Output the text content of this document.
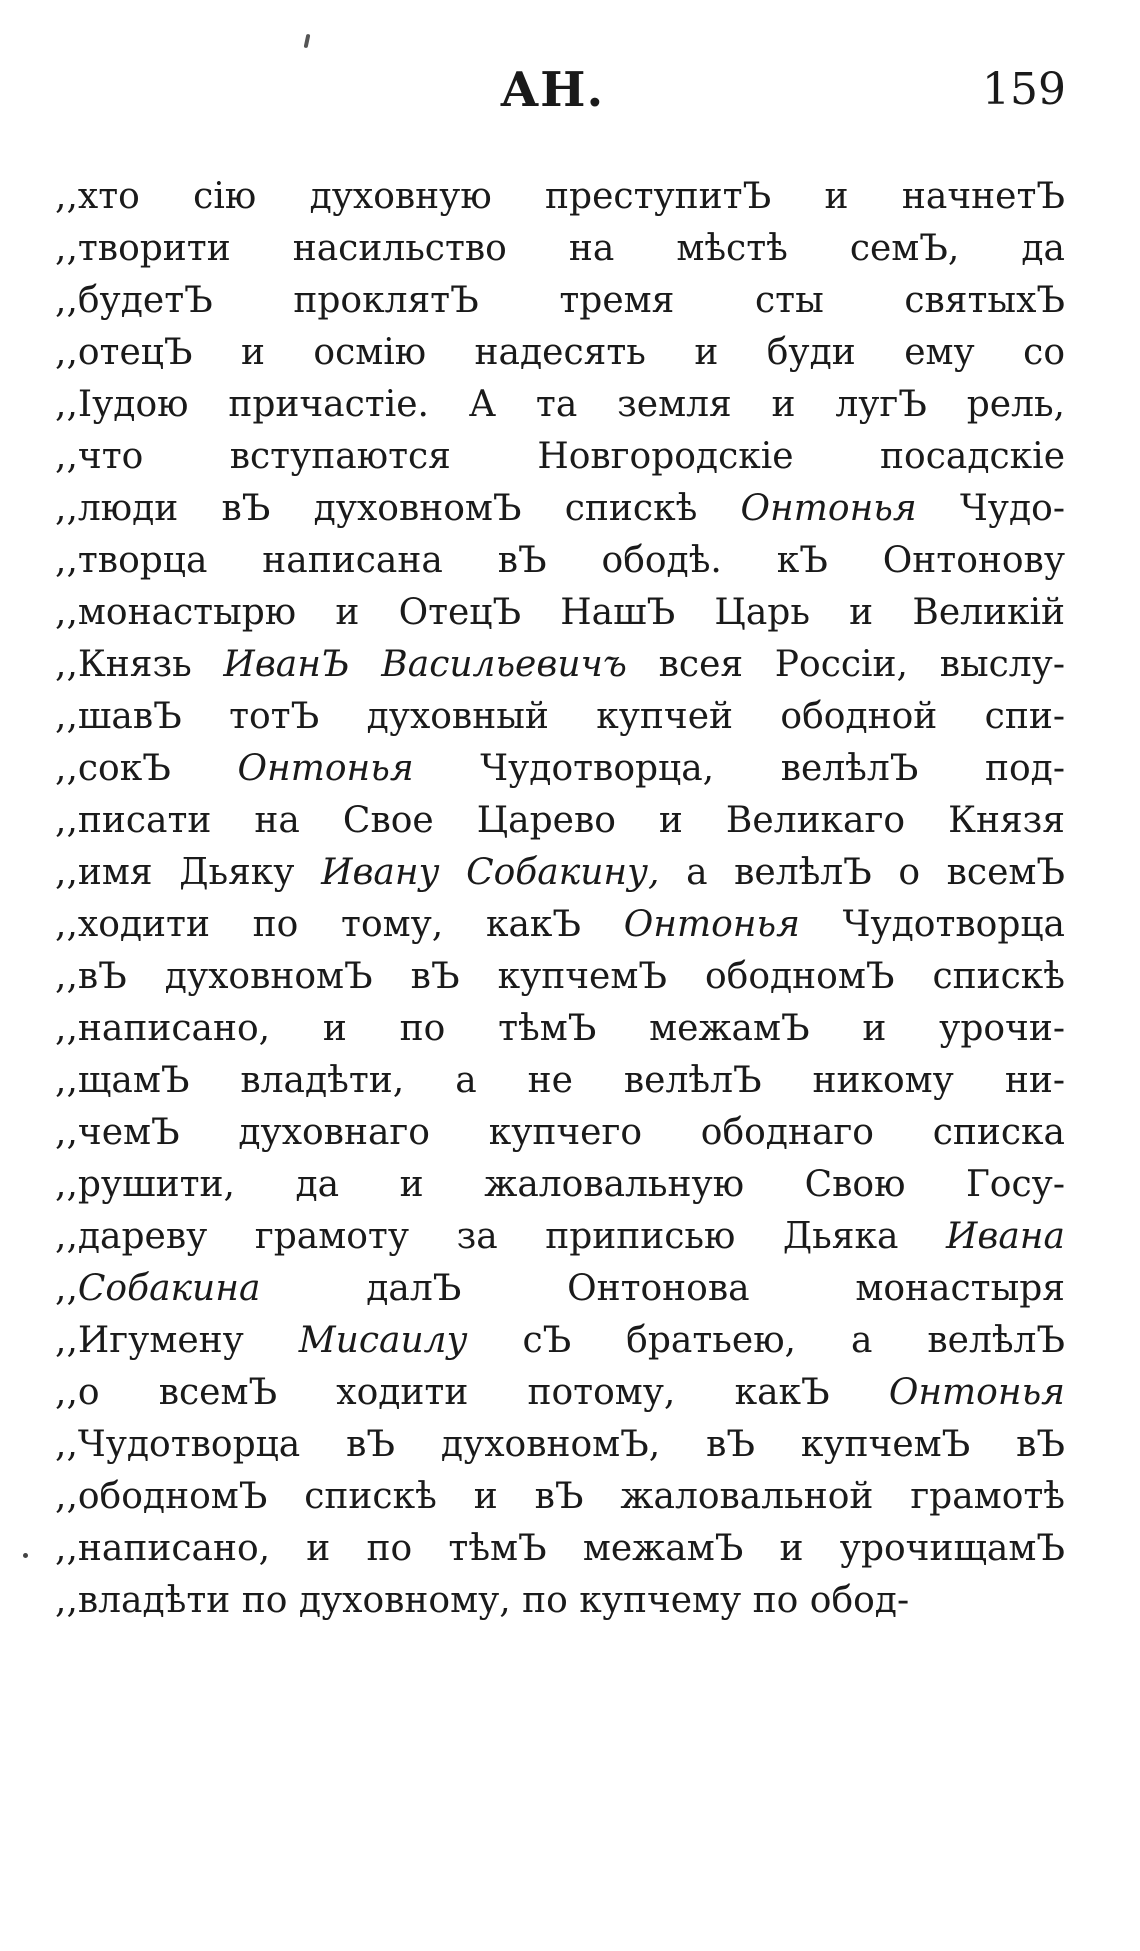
АН.	159
,,хто сію духовную преступитЪ и начнетЪ
,,творити насильство на мѣстѣ семЪ, да
,,будетЪ проклятЪ тремя сты святыхЪ
,,отецЪ и осмію надесять и буди ему со
,,Іудою причастіе. А та земля и лугЪ рель,
,,что вступаются Новгородскіе посадскіе
,,люди вЪ духовномЪ спискѣ Онтонья Чудо-
,,творца написана вЪ ободѣ. кЪ Онтонову
,,монастырю и ОтецЪ НашЪ Царь и Великій
,,Князь ИванЪ Васильевичъ всея Россіи, выслу-
,,шавЪ тотЪ духовный купчей ободной спи-
,,сокЪ Онтонья Чудотворца, велѣлЪ под-
,,писати на Свое Царево и Великаго Князя
,,имя Дьяку Ивану Собакину, а велѣлЪ о всемЪ
,,ходити по тому, какЪ Онтонья Чудотворца
,,вЪ духовномЪ вЪ купчемЪ ободномЪ спискѣ
,,написано, и по тѣмЪ межамЪ и урочи-
,,щамЪ владѣти, а не велѣлЪ никому ни-
,,чемЪ духовнаго купчего ободнаго списка
,,рушити, да и жаловальную Свою Госу-
,,дареву грамоту за приписью Дьяка Ивана
,,Собакина далЪ Онтонова монастыря
,,Игумену Мисаилу сЪ братьею, а велѣлЪ
,,о всемЪ ходити потому, какЪ Онтонья
,,Чудотворца вЪ духовномЪ, вЪ купчемЪ вЪ
,,ободномЪ спискѣ и вЪ жаловальной грамотѣ
,,написано, и по тѣмЪ межамЪ и урочищамЪ
,,владѣти по духовному, по купчему по обод-
